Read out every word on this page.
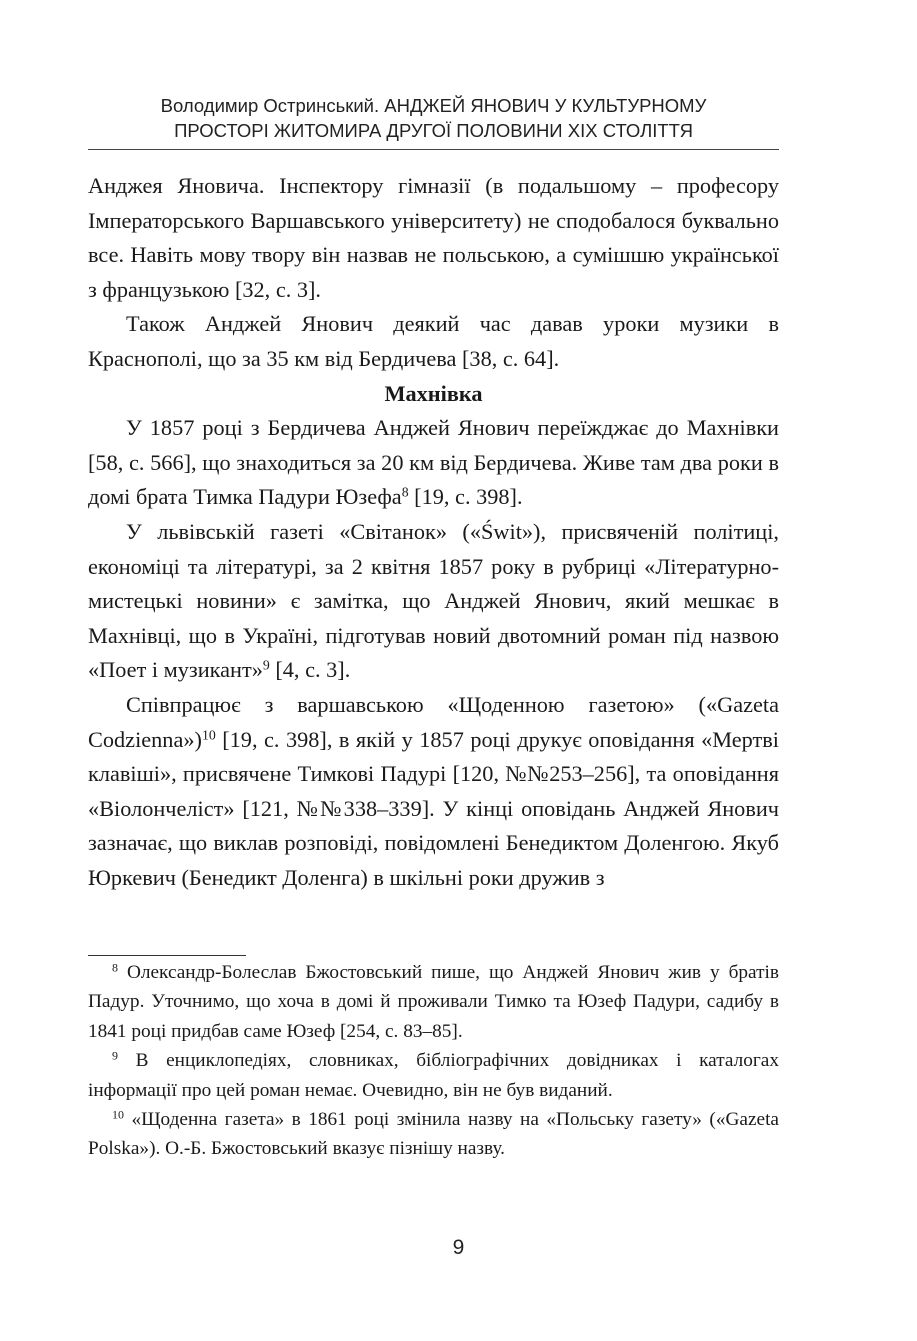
Володимир Остринський. АНДЖЕЙ ЯНОВИЧ У КУЛЬТУРНОМУ
ПРОСТОРІ ЖИТОМИРА ДРУГОЇ ПОЛОВИНИ ХІХ СТОЛІТТЯ

Анджея Яновича. Інспектору гімназії (в подальшому – професору Імператорського Варшавського університету) не сподобалося буквально все. Навіть мову твору він назвав не польською, а сумішшю української з французькою [32, с. 3].

Також Анджей Янович деякий час давав уроки музики в Краснополі, що за 35 км від Бердичева [38, с. 64].

Махнівка

У 1857 році з Бердичева Анджей Янович переїжджає до Махнівки [58, с. 566], що знаходиться за 20 км від Бердичева. Живе там два роки в домі брата Тимка Падури Юзефа$^8$ [19, с. 398].

У львівській газеті «Світанок» («Świt»), присвяченій політиці, економіці та літературі, за 2 квітня 1857 року в рубриці «Літературно-мистецькі новини» є замітка, що Анджей Янович, який мешкає в Махнівці, що в Україні, підготував новий двотомний роман під назвою «Поет і музикант»$^9$ [4, с. 3].

Співпрацює з варшавською «Щоденною газетою» («Gazeta Codzienna»)$^{10}$ [19, с. 398], в якій у 1857 році друкує оповідання «Мертві клавіші», присвячене Тимкові Падурі [120, №№253–256], та оповідання «Віолончеліст» [121, №№338–339]. У кінці оповідань Анджей Янович зазначає, що виклав розповіді, повідомлені Бенедиктом Доленгою. Якуб Юркевич (Бенедикт Доленга) в шкільні роки дружив з

$^8$ Олександр-Болеслав Бжостовський пише, що Анджей Янович жив у братів Падур. Уточнимо, що хоча в домі й проживали Тимко та Юзеф Падури, садибу в 1841 році придбав саме Юзеф [254, с. 83–85].

$^9$ В енциклопедіях, словниках, бібліографічних довідниках і каталогах інформації про цей роман немає. Очевидно, він не був виданий.

$^{10}$ «Щоденна газета» в 1861 році змінила назву на «Польську газету» («Gazeta Polska»). О.-Б. Бжостовський вказує пізнішу назву.

9
